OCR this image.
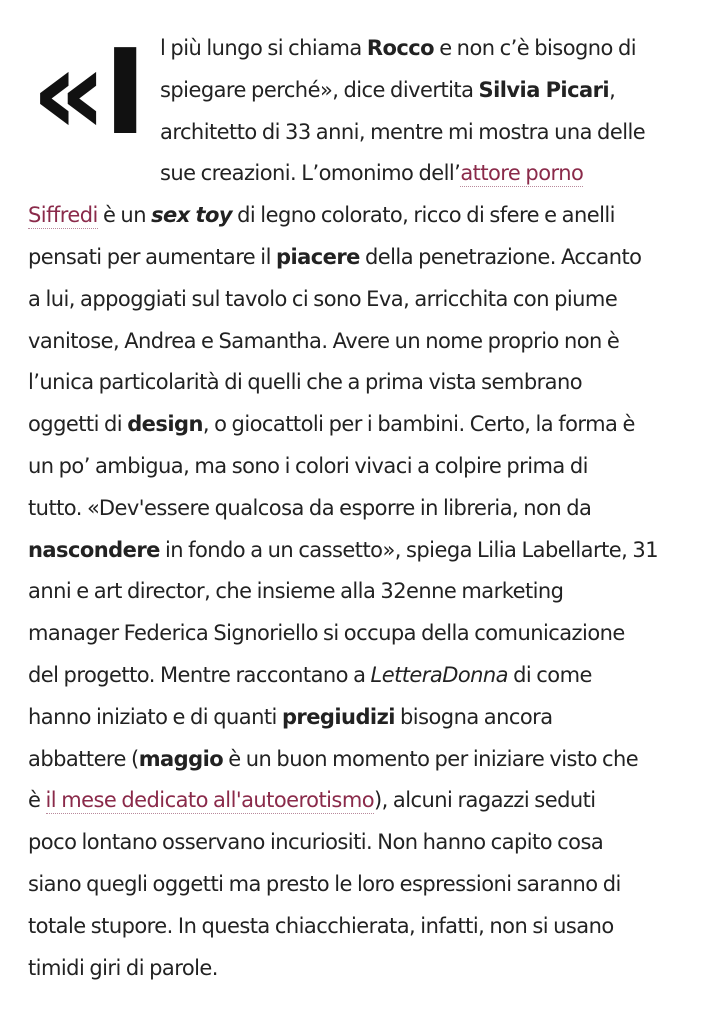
«I l più lungo si chiama Rocco e non c’è bisogno di
spiegare perché», dice divertita Silvia Picari,
architetto di 33 anni, mentre mi mostra una delle
sue creazioni. L’omonimo dell’attore porno
Siffredi è un sex toy di legno colorato, ricco di sfere e anelli
pensati per aumentare il piacere della penetrazione. Accanto
a lui, appoggiati sul tavolo ci sono Eva, arricchita con piume
vanitose, Andrea e Samantha. Avere un nome proprio non è
l’unica particolarità di quelli che a prima vista sembrano
oggetti di design, o giocattoli per i bambini. Certo, la forma è
un po’ ambigua, ma sono i colori vivaci a colpire prima di
tutto. «Dev'essere qualcosa da esporre in libreria, non da
nascondere in fondo a un cassetto», spiega Lilia Labellarte, 31
anni e art director, che insieme alla 32enne marketing
manager Federica Signoriello si occupa della comunicazione
del progetto. Mentre raccontano a LetteraDonna di come
hanno iniziato e di quanti pregiudizi bisogna ancora
abbattere (maggio è un buon momento per iniziare visto che
è il mese dedicato all'autoerotismo), alcuni ragazzi seduti
poco lontano osservano incuriositi. Non hanno capito cosa
siano quegli oggetti ma presto le loro espressioni saranno di
totale stupore. In questa chiacchierata, infatti, non si usano
timidi giri di parole.
